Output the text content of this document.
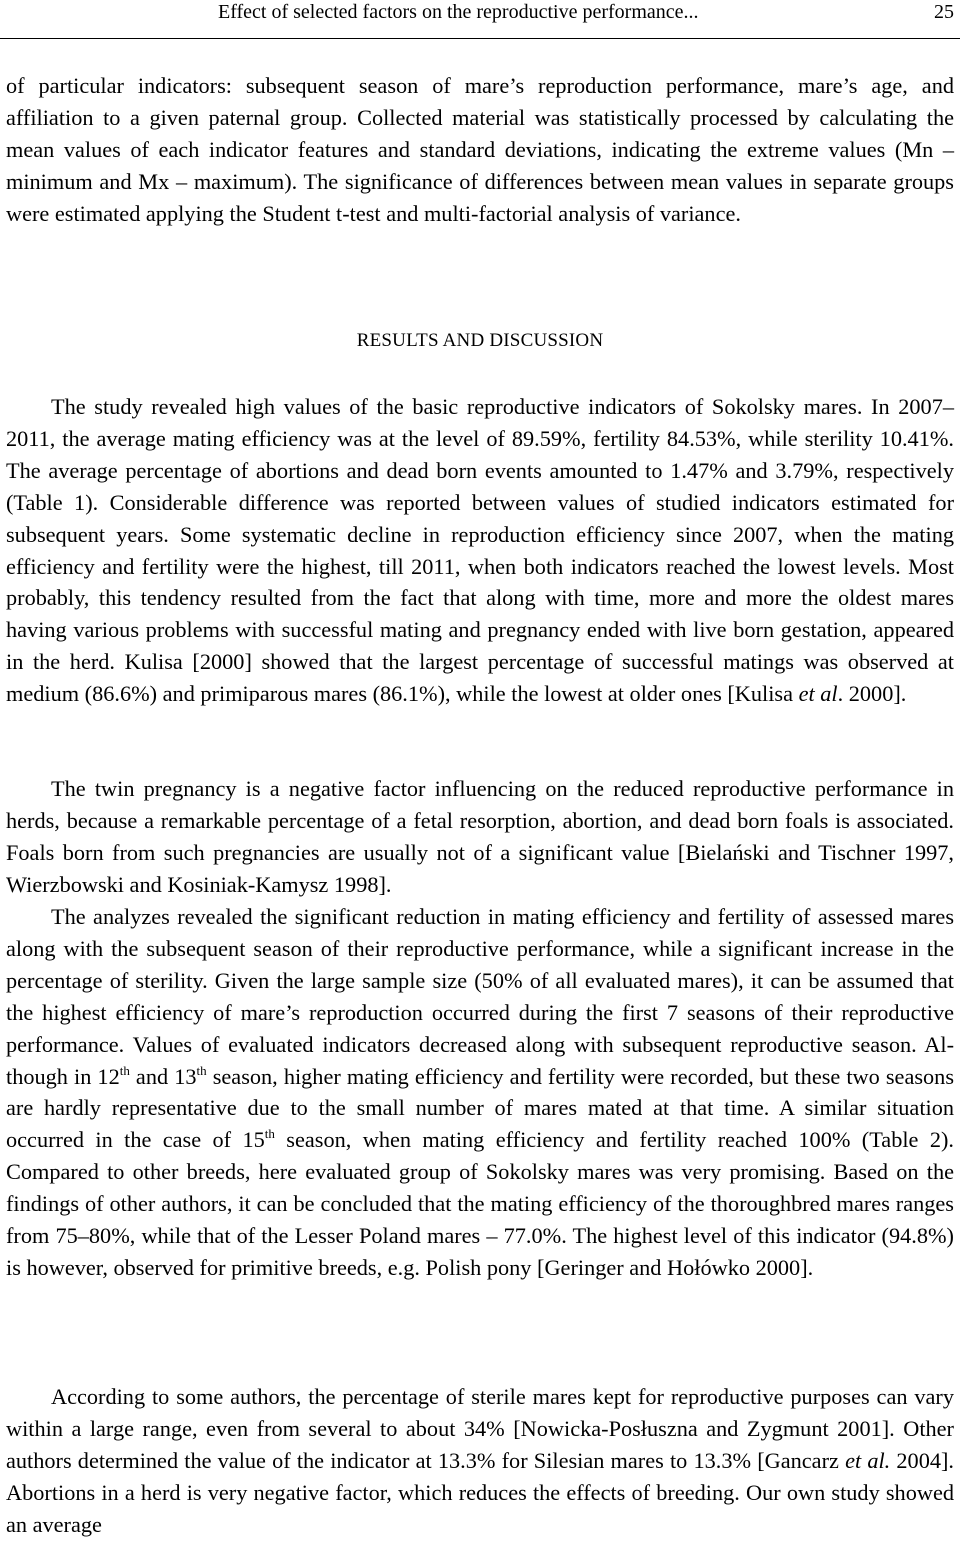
Effect of selected factors on the reproductive performance...	25

of particular indicators: subsequent season of mare’s reproduction performance, mare’s age, and affiliation to a given paternal group. Collected material was statistically processed by calculating the mean values of each indicator features and standard deviations, indicating the extreme values (Mn – minimum and Mx – maximum). The significance of differences between mean values in separate groups were estimated applying the Student t-test and multi-factorial analysis of variance.

RESULTS AND DISCUSSION

The study revealed high values of the basic reproductive indicators of Sokolsky mares. In 2007–2011, the average mating efficiency was at the level of 89.59%, fertility 84.53%, while sterility 10.41%. The average percentage of abortions and dead born events amounted to 1.47% and 3.79%, respectively (Table 1). Considerable difference was reported between values of studied indicators estimated for subsequent years. Some systematic decline in reproduction efficiency since 2007, when the mating efficiency and fertility were the highest, till 2011, when both indicators reached the lowest levels. Most probably, this tendency resulted from the fact that along with time, more and more the oldest mares having various problems with successful mating and pregnancy ended with live born gestation, appeared in the herd. Kulisa [2000] showed that the largest percentage of successful matings was observed at medium (86.6%) and primiparous mares (86.1%), while the lowest at older ones [Kulisa et al. 2000].

The twin pregnancy is a negative factor influencing on the reduced reproductive performance in herds, because a remarkable percentage of a fetal resorption, abortion, and dead born foals is associated. Foals born from such pregnancies are usually not of a significant value [Bielański and Tischner 1997, Wierzbowski and Kosiniak-Kamysz 1998].

The analyzes revealed the significant reduction in mating efficiency and fertility of assessed mares along with the subsequent season of their reproductive performance, while a significant increase in the percentage of sterility. Given the large sample size (50% of all evaluated mares), it can be assumed that the highest efficiency of mare’s reproduction occurred during the first 7 seasons of their reproductive performance. Values of evaluated indicators decreased along with subsequent reproductive season. Although in 12th and 13th season, higher mating efficiency and fertility were recorded, but these two seasons are hardly representative due to the small number of mares mated at that time. A similar situation occurred in the case of 15th season, when mating efficiency and fertility reached 100% (Table 2). Compared to other breeds, here evaluated group of Sokolsky mares was very promising. Based on the findings of other authors, it can be concluded that the mating efficiency of the thoroughbred mares ranges from 75–80%, while that of the Lesser Poland mares – 77.0%. The highest level of this indicator (94.8%) is however, observed for primitive breeds, e.g. Polish pony [Geringer and Hołówko 2000].

According to some authors, the percentage of sterile mares kept for reproductive purposes can vary within a large range, even from several to about 34% [Nowicka-Posłuszna and Zygmunt 2001]. Other authors determined the value of the indicator at 13.3% for Silesian mares to 13.3% [Gancarz et al. 2004]. Abortions in a herd is very negative factor, which reduces the effects of breeding. Our own study showed an average
